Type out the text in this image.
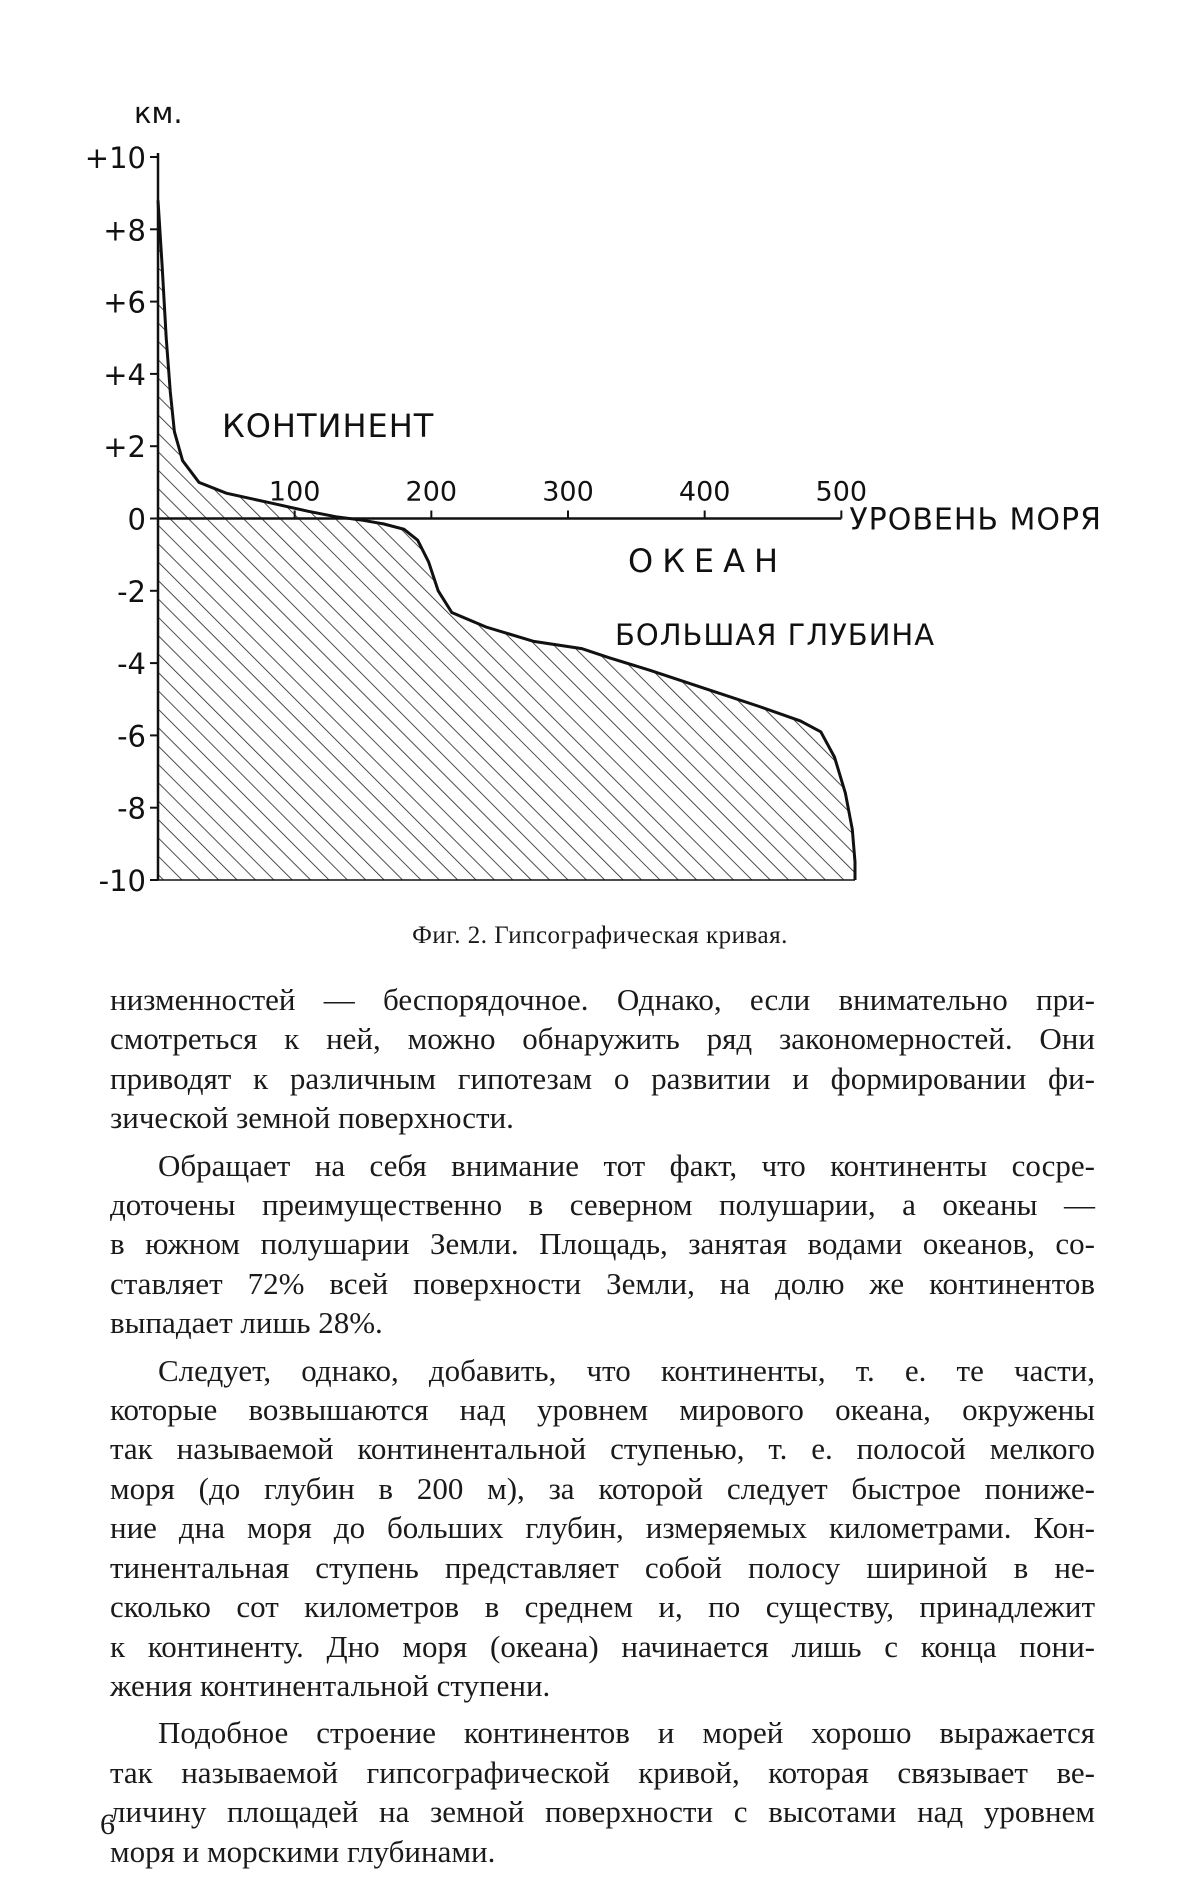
+10
+8
+6
+4
+2
0
-2
-4
-6
-8
-10
100	200	300	400	500
км.
УРОВЕНЬ МОРЯ
КОНТИНЕНТ
ОКЕАН
БОЛЬШАЯ ГЛУБИНА
Фиг. 2. Гипсографическая кривая.
низменностей — беспорядочное. Однако, если внимательно при-
смотреться к ней, можно обнаружить ряд закономерностей. Они
приводят к различным гипотезам о развитии и формировании фи-
зической земной поверхности.
Обращает на себя внимание тот факт, что континенты сосре-
доточены преимущественно в северном полушарии, а океаны —
в южном полушарии Земли. Площадь, занятая водами океанов, со-
ставляет 72% всей поверхности Земли, на долю же континентов
выпадает лишь 28%.
Следует, однако, добавить, что континенты, т. е. те части,
которые возвышаются над уровнем мирового океана, окружены
так называемой континентальной ступенью, т. е. полосой мелкого
моря (до глубин в 200 м), за которой следует быстрое пониже-
ние дна моря до больших глубин, измеряемых километрами. Кон-
тинентальная ступень представляет собой полосу шириной в не-
сколько сот километров в среднем и, по существу, принадлежит
к континенту. Дно моря (океана) начинается лишь с конца пони-
жения континентальной ступени.
Подобное строение континентов и морей хорошо выражается
так называемой гипсографической кривой, которая связывает ве-
личину площадей на земной поверхности с высотами над уровнем
моря и морскими глубинами.
6
